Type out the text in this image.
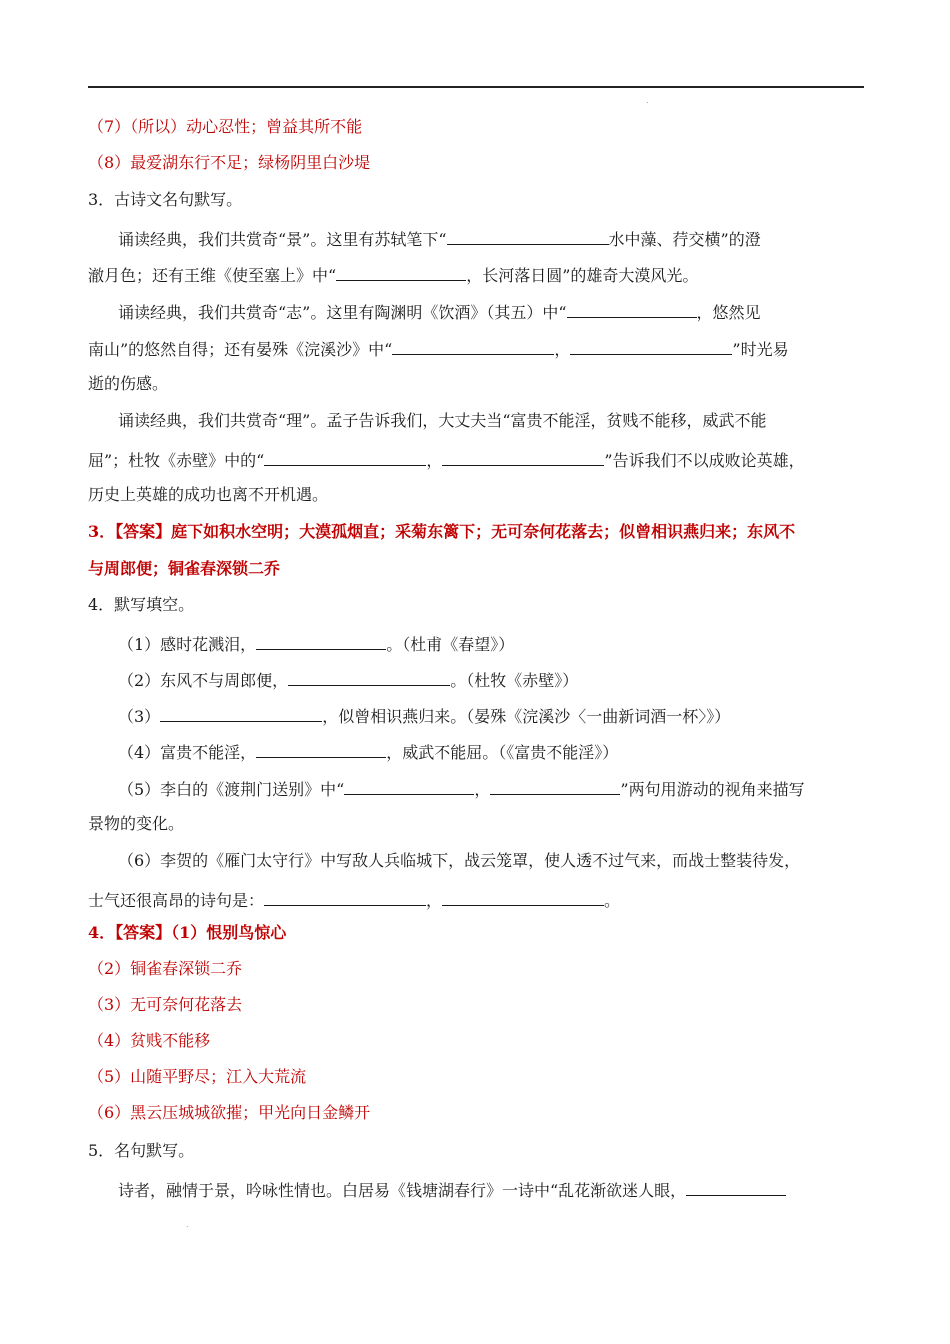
.
.
（7）（所以）动心忍性；曾益其所不能
（8）最爱湖东行不足；绿杨阴里白沙堤
3．古诗文名句默写。
诵读经典，我们共赏奇“景”。这里有苏轼笔下“	水中藻、荇交横”的澄
澈月色；还有王维《使至塞上》中“	，长河落日圆”的雄奇大漠风光。
诵读经典，我们共赏奇“志”。这里有陶渊明《饮酒》（其五）中“	，悠然见
南山”的悠然自得；还有晏殊《浣溪沙》中“	，	”时光易
逝的伤感。
诵读经典，我们共赏奇“理”。孟子告诉我们，大丈夫当“富贵不能淫，贫贱不能移，威武不能
屈”；杜牧《赤壁》中的“	，	”告诉我们不以成败论英雄，
历史上英雄的成功也离不开机遇。
3．【答案】庭下如积水空明；大漠孤烟直；采菊东篱下；无可奈何花落去；似曾相识燕归来；东风不
与周郎便；铜雀春深锁二乔
4．默写填空。
（1）感时花溅泪，	。（杜甫《春望》）
（2）东风不与周郎便，	。（杜牧《赤壁》）
（3）	，似曾相识燕归来。（晏殊《浣溪沙〈一曲新词酒一杯〉》）
（4）富贵不能淫，	，威武不能屈。（《富贵不能淫》）
（5）李白的《渡荆门送别》中“	，	”两句用游动的视角来描写
景物的变化。
（6）李贺的《雁门太守行》中写敌人兵临城下，战云笼罩，使人透不过气来，而战士整装待发，
士气还很高昂的诗句是：	，	。
4．【答案】（1）恨别鸟惊心
（2）铜雀春深锁二乔
（3）无可奈何花落去
（4）贫贱不能移
（5）山随平野尽；江入大荒流
（6）黑云压城城欲摧；甲光向日金鳞开
5．名句默写。
诗者，融情于景，吟咏性情也。白居易《钱塘湖春行》一诗中“乱花渐欲迷人眼，
